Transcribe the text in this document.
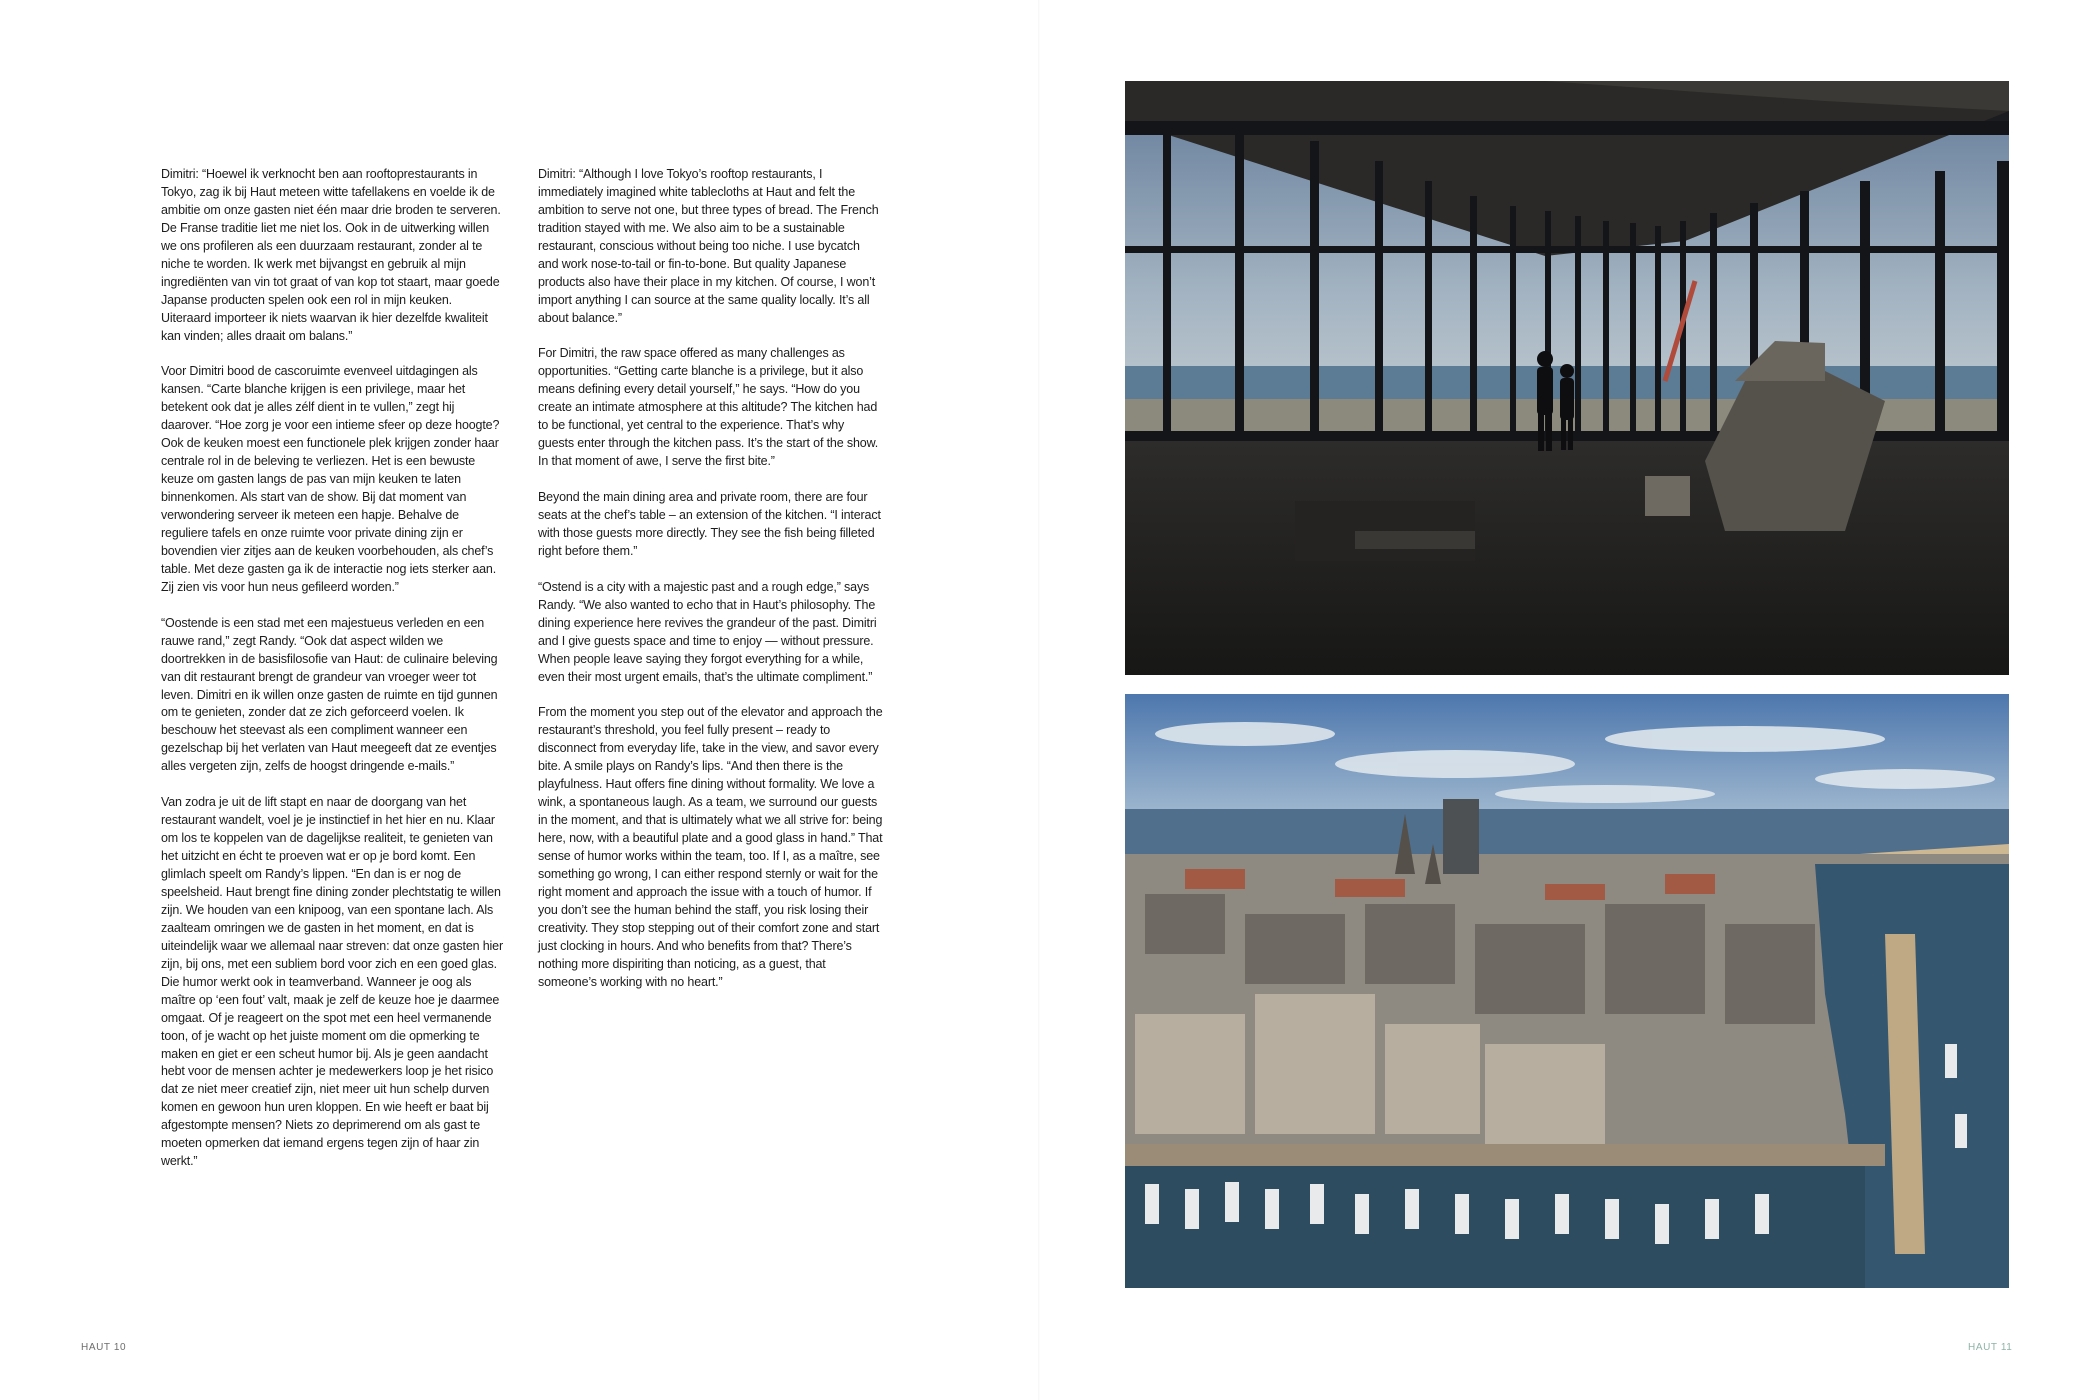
Dimitri: “Hoewel ik verknocht ben aan rooftoprestaurants in Tokyo, zag ik bij Haut meteen witte tafellakens en voelde ik de ambitie om onze gasten niet één maar drie broden te serveren. De Franse traditie liet me niet los. Ook in de uitwerking willen we ons profileren als een duurzaam restaurant, zonder al te niche te worden. Ik werk met bijvangst en gebruik al mijn ingrediënten van vin tot graat of van kop tot staart, maar goede Japanse producten spelen ook een rol in mijn keuken. Uiteraard importeer ik niets waarvan ik hier dezelfde kwaliteit kan vinden; alles draait om balans.”

Voor Dimitri bood de cascoruimte evenveel uitdagingen als kansen. “Carte blanche krijgen is een privilege, maar het betekent ook dat je alles zélf dient in te vullen,” zegt hij daarover. “Hoe zorg je voor een intieme sfeer op deze hoogte? Ook de keuken moest een functionele plek krijgen zonder haar centrale rol in de beleving te verliezen. Het is een bewuste keuze om gasten langs de pas van mijn keuken te laten binnenkomen. Als start van de show. Bij dat moment van verwondering serveer ik meteen een hapje. Behalve de reguliere tafels en onze ruimte voor private dining zijn er bovendien vier zitjes aan de keuken voorbehouden, als chef’s table. Met deze gasten ga ik de interactie nog iets sterker aan. Zij zien vis voor hun neus gefileerd worden.”

“Oostende is een stad met een majestueus verleden en een rauwe rand,” zegt Randy. “Ook dat aspect wilden we doortrekken in de basisfilosofie van Haut: de culinaire beleving van dit restaurant brengt de grandeur van vroeger weer tot leven. Dimitri en ik willen onze gasten de ruimte en tijd gunnen om te genieten, zonder dat ze zich geforceerd voelen. Ik beschouw het steevast als een compliment wanneer een gezelschap bij het verlaten van Haut meegeeft dat ze eventjes alles vergeten zijn, zelfs de hoogst dringende e-mails.”

Van zodra je uit de lift stapt en naar de doorgang van het restaurant wandelt, voel je je instinctief in het hier en nu. Klaar om los te koppelen van de dagelijkse realiteit, te genieten van het uitzicht en écht te proeven wat er op je bord komt. Een glimlach speelt om Randy’s lippen. “En dan is er nog de speelsheid. Haut brengt fine dining zonder plechtstatig te willen zijn. We houden van een knipoog, van een spontane lach. Als zaalteam omringen we de gasten in het moment, en dat is uiteindelijk waar we allemaal naar streven: dat onze gasten hier zijn, bij ons, met een subliem bord voor zich en een goed glas. Die humor werkt ook in teamverband. Wanneer je oog als maître op ‘een fout’ valt, maak je zelf de keuze hoe je daarmee omgaat. Of je reageert on the spot met een heel vermanende toon, of je wacht op het juiste moment om die opmerking te maken en giet er een scheut humor bij. Als je geen aandacht hebt voor de mensen achter je medewerkers loop je het risico dat ze niet meer creatief zijn, niet meer uit hun schelp durven komen en gewoon hun uren kloppen. En wie heeft er baat bij afgestompte mensen? Niets zo deprimerend om als gast te moeten opmerken dat iemand ergens tegen zijn of haar zin werkt.”

Dimitri: “Although I love Tokyo’s rooftop restaurants, I immediately imagined white tablecloths at Haut and felt the ambition to serve not one, but three types of bread. The French tradition stayed with me. We also aim to be a sustainable restaurant, conscious without being too niche. I use bycatch and work nose-to-tail or fin-to-bone. But quality Japanese products also have their place in my kitchen. Of course, I won’t import anything I can source at the same quality locally. It’s all about balance.”

For Dimitri, the raw space offered as many challenges as opportunities. “Getting carte blanche is a privilege, but it also means defining every detail yourself,” he says. “How do you create an intimate atmosphere at this altitude? The kitchen had to be functional, yet central to the experience. That’s why guests enter through the kitchen pass. It’s the start of the show. In that moment of awe, I serve the first bite.”

Beyond the main dining area and private room, there are four seats at the chef’s table – an extension of the kitchen. “I interact with those guests more directly. They see the fish being filleted right before them.”

“Ostend is a city with a majestic past and a rough edge,” says Randy. “We also wanted to echo that in Haut’s philosophy. The dining experience here revives the grandeur of the past. Dimitri and I give guests space and time to enjoy — without pressure. When people leave saying they forgot everything for a while, even their most urgent emails, that’s the ultimate compliment.”

From the moment you step out of the elevator and approach the restaurant’s threshold, you feel fully present – ready to disconnect from everyday life, take in the view, and savor every bite. A smile plays on Randy’s lips. “And then there is the playfulness. Haut offers fine dining without formality. We love a wink, a spontaneous laugh. As a team, we surround our guests in the moment, and that is ultimately what we all strive for: being here, now, with a beautiful plate and a good glass in hand.” That sense of humor works within the team, too. If I, as a maître, see something go wrong, I can either respond sternly or wait for the right moment and approach the issue with a touch of humor. If you don’t see the human behind the staff, you risk losing their creativity. They stop stepping out of their comfort zone and start just clocking in hours. And who benefits from that? There’s nothing more dispiriting than noticing, as a guest, that someone’s working with no heart.”

HAUT 10	HAUT 11
